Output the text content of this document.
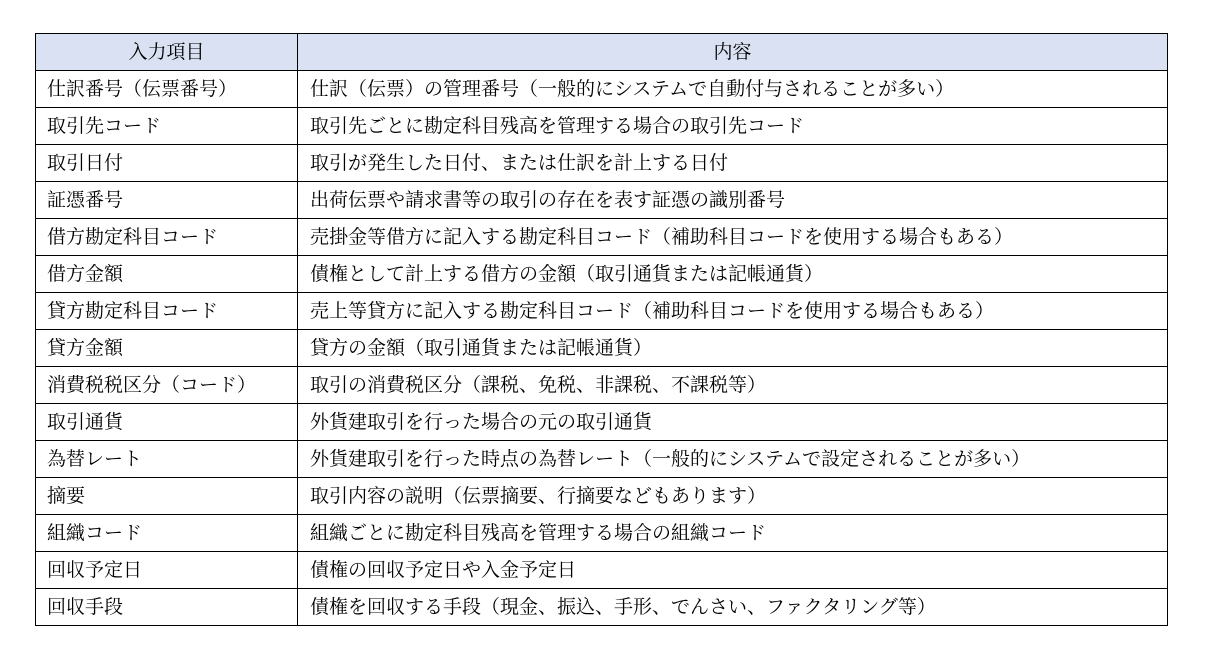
入力項目	内容
仕訳番号（伝票番号）	仕訳（伝票）の管理番号（一般的にシステムで自動付与されることが多い）
取引先コード	取引先ごとに勘定科目残高を管理する場合の取引先コード
取引日付	取引が発生した日付、または仕訳を計上する日付
証憑番号	出荷伝票や請求書等の取引の存在を表す証憑の識別番号
借方勘定科目コード	売掛金等借方に記入する勘定科目コード（補助科目コードを使用する場合もある）
借方金額	債権として計上する借方の金額（取引通貨または記帳通貨）
貸方勘定科目コード	売上等貸方に記入する勘定科目コード（補助科目コードを使用する場合もある）
貸方金額	貸方の金額（取引通貨または記帳通貨）
消費税税区分（コード）	取引の消費税区分（課税、免税、非課税、不課税等）
取引通貨	外貨建取引を行った場合の元の取引通貨
為替レート	外貨建取引を行った時点の為替レート（一般的にシステムで設定されることが多い）
摘要	取引内容の説明（伝票摘要、行摘要などもあります）
組織コード	組織ごとに勘定科目残高を管理する場合の組織コード
回収予定日	債権の回収予定日や入金予定日
回収手段	債権を回収する手段（現金、振込、手形、でんさい、ファクタリング等）
